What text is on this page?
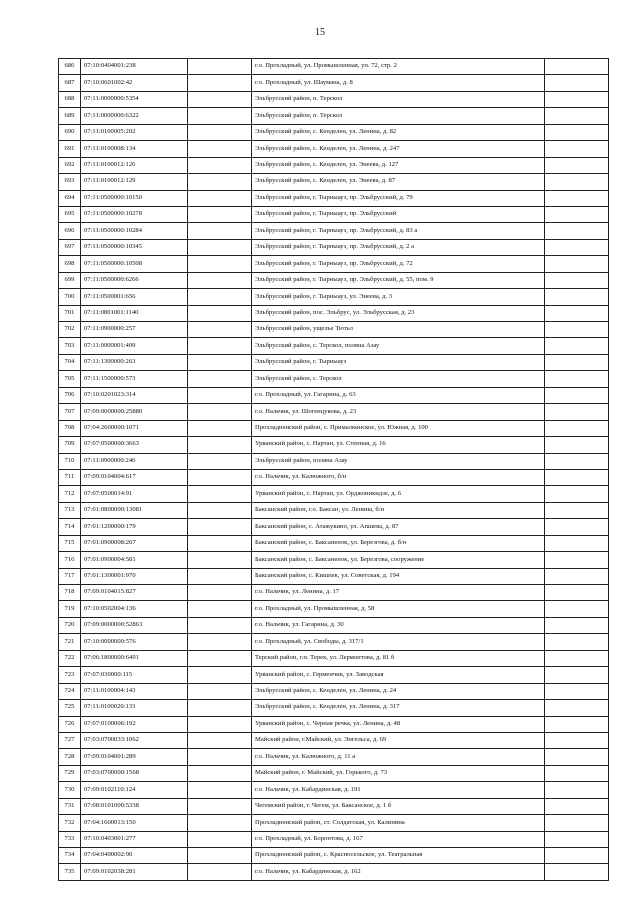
15
686	07:10:0404001:238		г.о. Прохладный, ул. Промышленная, уп. 72, стр. 2	
687	07:10:0601002:42		г.о. Прохладный, ул. Шаумана, д. 8	
688	07:11:0000000:5354		Эльбрусский район, п. Терскол	
689	07:11:0000000:6322		Эльбрусский район, п. Терскол	
690	07:11:0100005:202		Эльбрусский район, с. Кенделен, ул. Ленина, д. 82	
691	07:11:0100008:134		Эльбрусский район, с. Кенделен, ул. Ленина, д. 247	
692	07:11:0100012:126		Эльбрусский район, с. Кенделен, ул. Энеева, д. 127	
693	07:11:0100012:129		Эльбрусский район, с. Кенделен, ул. Энеева, д. 87	
694	07:11:0500000:10150		Эльбрусский район, г. Тырныауз, пр. Эльбрусский, д. 79	
695	07:11:0500000:10278		Эльбрусский район, г. Тырныауз, пр. Эльбрусский	
696	07:11:0500000:10284		Эльбрусский район, г. Тырныауз, пр. Эльбрусский, д. 83 а	
697	07:11:0500000:10345		Эльбрусский район, г. Тырныауз, пр. Эльбрусский, д. 2 а	
698	07:11:0500000:10508		Эльбрусский район, г. Тырныауз, пр. Эльбрусский, д. 72	
699	07:11:0500000:6266		Эльбрусский район, г. Тырныауз, пр. Эльбрусский, д. 55, пом. 9	
700	07:11:0500001:656		Эльбрусский район, г. Тырныауз, ул. Энеева, д. 3	
701	07:11:0801001:1140		Эльбрусский район, пос. Эльбрус, ул. Эльбрусская, д. 23	
702	07:11:0900000:257		Эльбрусский район, ущелье Тютьл	
703	07:11:0900001:409		Эльбрусский район, с. Терскол, поляна Азау	
704	07:11:1300000:263		Эльбрусский район, г. Тырныауз	
705	07:11:1500000:573		Эльбрусский район, с. Терскол	
706	07:10:0201023:314		г.о. Прохладный, ул. Гагарина, д. 63	
707	07:09:0000000:25880		г.о. Нальчик, ул. Шогенцукова, д. 23	
708	07:04:2600000:1071		Прохладненский район, с. Прималкинское, ул. Южная, д. 100	
709	07:07:0500000:3663		Урванский район, с. Нартан, ул. Степная, д. 16	
710	07:11:0900000:246		Эльбрусский район, поляна Азау	
711	07:09:0104004:617		г.о. Нальчик, ул. Калюжного, б/н	
712	07:07:0500014:91		Урванский район, с. Нартан, ул. Орджоникидзе, д. 6	
713	07:01:0800000:13081		Баксанский район, г.о. Баксан, ул. Ленина, б/н	
714	07:01:1200000:179		Баксанский район, с. Атажукино, ул. Апшева, д. 87	
715	07:01:0900008:267		Баксанский район, с. Баксаненок, ул. Березгова, д. б/н	
716	07:01:0900004:581		Баксанский район, с. Баксаненок, ул. Березгова, сооружение	
717	07:01:1300001:970		Баксанский район, с. Кишпек, ул. Советская, д. 194	
718	07:09:0104015:827		г.о. Нальчик, ул. Ленина, д. 17	
719	07:10:0502004:136		г.о. Прохладный, ул. Промышленная, д. 58	
720	07:09:0000000:52863		г.о. Нальчик, ул. Гагарина, д. 30	
721	07:10:0000000:576		г.о. Прохладный, ул. Свободы, д. 317/1	
722	07:06:1800000:6491		Терский район, г.п. Терек, ул. Лермонтова, д. 81 б	
723	07:07:030000:115		Урванский район, с. Герменчик, ул. Заводская	
724	07:11:0100004:143		Эльбрусский район, с. Кенделен, ул. Ленина, д. 24	
725	07:11:0100020:133		Эльбрусский район, с. Кенделен, ул. Ленина, д. 317	
726	07:07:0100006:192		Урванский район, с. Черная речка, ул. Ленина, д. 48	
727	07:03:0700033:1062		Майский район, г.Майский, ул. Энгельса, д. 69	
728	07:09:0104001:289		г.о. Нальчик, ул. Калюжного, д. 11 а	
729	07:03:0700000:1568		Майский район, г. Майский, ул. Горького, д. 73	
730	07:09:0102110:124		г.о. Нальчик, ул. Кабардинская, д. 191	
731	07:08:0101000:5338		Чегемский район, г. Чегем, ул. Баксанское, д. 1 б	
732	07:04:1600013:150		Прохладненский район, ст. Солдатская, ул. Калинина	
733	07:10:0403001:277		г.о. Прохладный, ул. Боронтова, д. 167	
734	07:04:0400002:90		Прохладненский район, с. Красносельское, ул. Театральная	
735	07:09:0102038:281		г.о. Нальчик, ул. Кабардинская, д. 162	
